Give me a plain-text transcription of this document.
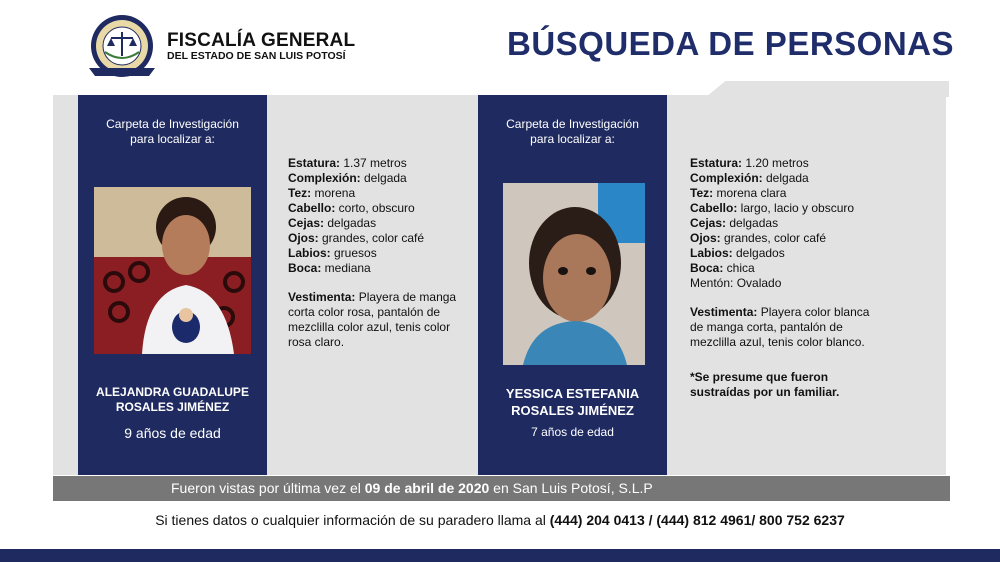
FISCALÍA GENERAL
DEL ESTADO DE SAN LUIS POTOSÍ	BÚSQUEDA DE PERSONAS
Carpeta de Investigación
para localizar a:
ALEJANDRA GUADALUPE
ROSALES JIMÉNEZ
9 años de edad
Estatura: 1.37 metros
Complexión: delgada
Tez: morena
Cabello: corto, obscuro
Cejas: delgadas
Ojos: grandes, color café
Labios: gruesos
Boca: mediana
Vestimenta: Playera de manga corta color rosa, pantalón de mezclilla color azul, tenis color rosa claro.
Carpeta de Investigación
para localizar a:
YESSICA ESTEFANIA
ROSALES JIMÉNEZ
7 años de edad
Estatura: 1.20 metros
Complexión: delgada
Tez: morena clara
Cabello: largo, lacio y obscuro
Cejas: delgadas
Ojos: grandes, color café
Labios: delgados
Boca: chica
Mentón: Ovalado
Vestimenta: Playera color blanca de manga corta, pantalón de mezclilla azul, tenis color blanco.
*Se presume que fueron sustraídas por un familiar.
Fueron vistas por última vez el 09 de abril de 2020 en San Luis Potosí, S.L.P
Si tienes datos o cualquier información de su paradero llama al (444) 204 0413 / (444) 812 4961/ 800 752 6237
